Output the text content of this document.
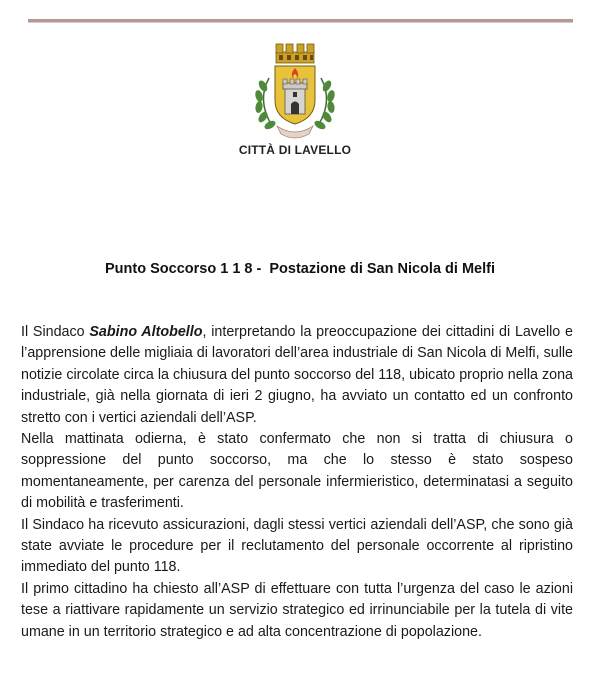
CITTÀ DI LAVELLO
Punto Soccorso 1 1 8 -  Postazione di San Nicola di Melfi

Il Sindaco Sabino Altobello, interpretando la preoccupazione dei cittadini di Lavello e l’apprensione delle migliaia di lavoratori dell’area industriale di San Nicola di Melfi, sulle notizie circolate circa la chiusura del punto soccorso del 118, ubicato proprio nella zona industriale, già nella giornata di ieri 2 giugno, ha avviato un contatto ed un confronto stretto con i vertici aziendali dell’ASP.

Nella mattinata odierna, è stato confermato che non si tratta di chiusura o soppressione del punto soccorso, ma che lo stesso è stato sospeso momentaneamente, per carenza del personale infermieristico, determinatasi a seguito di mobilità e trasferimenti.

Il Sindaco ha ricevuto assicurazioni, dagli stessi vertici aziendali dell’ASP, che sono già state avviate le procedure per il reclutamento del personale occorrente al ripristino immediato del punto 118.

Il primo cittadino ha chiesto all’ASP di effettuare con tutta l’urgenza del caso le azioni tese a riattivare rapidamente un servizio strategico ed irrinunciabile per la tutela di vite umane in un territorio strategico e ad alta concentrazione di popolazione.
